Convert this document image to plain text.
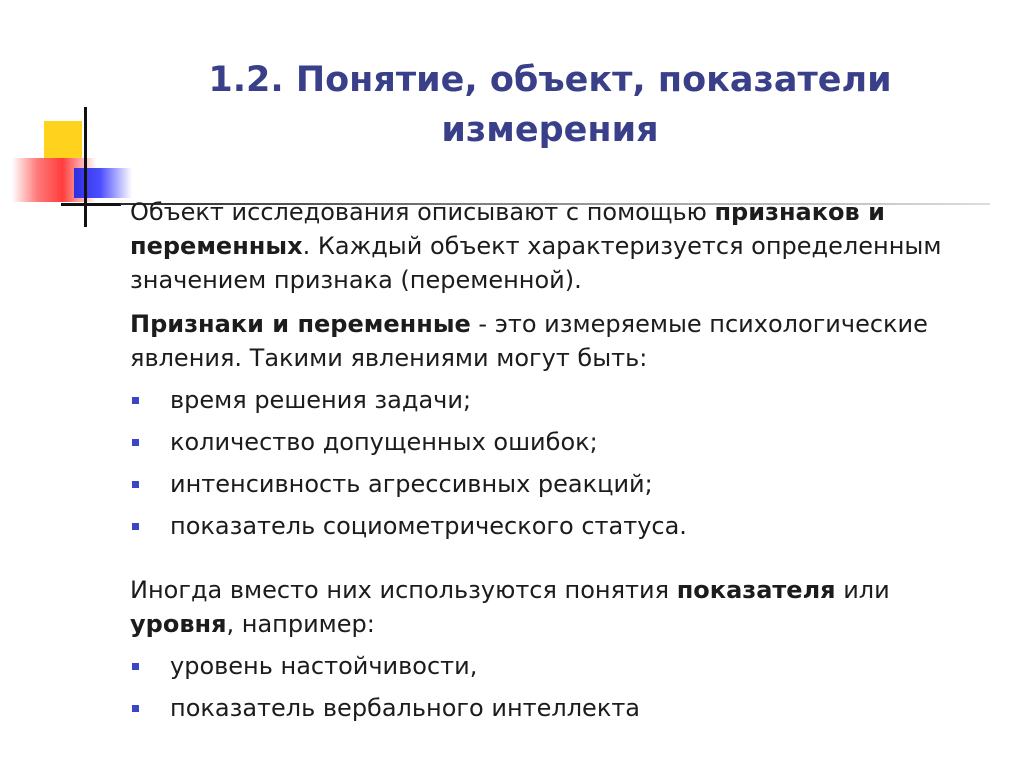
1.2. Понятие, объект, показатели измерения

Объект исследования описывают с помощью признаков и переменных. Каждый объект характеризуется определенным значением признака (переменной).

Признаки и переменные - это измеряемые психологические явления. Такими явлениями могут быть:

время решения задачи;
количество допущенных ошибок;
интенсивность агрессивных реакций;
показатель социометрического статуса.

Иногда вместо них используются понятия показателя или уровня, например:

уровень настойчивости,
показатель вербального интеллекта
